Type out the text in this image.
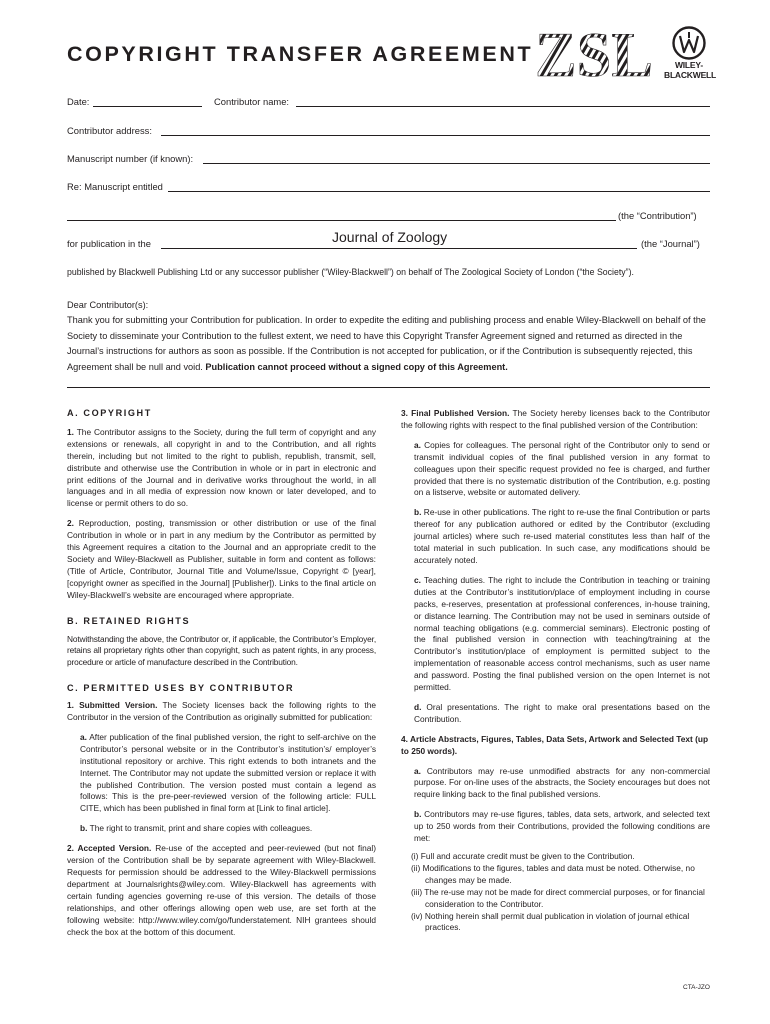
COPYRIGHT TRANSFER AGREEMENT ZSL	WILEY-
BLACKWELL
Date:	Contributor name:
Contributor address:
Manuscript number (if known):
Re: Manuscript entitled
(the “Contribution”)
for publication in the	Journal of Zoology	(the “Journal”)
published by Blackwell Publishing Ltd or any successor publisher (“Wiley-Blackwell”) on behalf of The Zoological Society of London (“the Society”).
Dear Contributor(s):
Thank you for submitting your Contribution for publication. In order to expedite the editing and publishing process and enable Wiley-Blackwell on behalf of the Society to disseminate your Contribution to the fullest extent, we need to have this Copyright Transfer Agreement signed and returned as directed in the Journal’s instructions for authors as soon as possible. If the Contribution is not accepted for publication, or if the Contribution is subsequently rejected, this Agreement shall be null and void. Publication cannot proceed without a signed copy of this Agreement.

A. COPYRIGHT

1. The Contributor assigns to the Society, during the full term of copyright and any extensions or renewals, all copyright in and to the Contribution, and all rights therein, including but not limited to the right to publish, republish, transmit, sell, distribute and otherwise use the Contribution in whole or in part in electronic and print editions of the Journal and in derivative works throughout the world, in all languages and in all media of expression now known or later developed, and to license or permit others to do so.

2. Reproduction, posting, transmission or other distribution or use of the final Contribution in whole or in part in any medium by the Contributor as permitted by this Agreement requires a citation to the Journal and an appropriate credit to the Society and Wiley-Blackwell as Publisher, suitable in form and content as follows: (Title of Article, Contributor, Journal Title and Volume/Issue, Copyright © [year], [copyright owner as specified in the Journal] [Publisher]). Links to the final article on Wiley-Blackwell’s website are encouraged where appropriate.

B. RETAINED RIGHTS

Notwithstanding the above, the Contributor or, if applicable, the Contributor’s Employer, retains all proprietary rights other than copyright, such as patent rights, in any process, procedure or article of manufacture described in the Contribution.

C. PERMITTED USES BY CONTRIBUTOR

1. Submitted Version. The Society licenses back the following rights to the Contributor in the version of the Contribution as originally submitted for publication:

a. After publication of the final published version, the right to self-archive on the Contributor’s personal website or in the Contributor’s institution’s/ employer’s institutional repository or archive. This right extends to both intranets and the Internet. The Contributor may not update the submitted version or replace it with the published Contribution. The version posted must contain a legend as follows: This is the pre-peer-reviewed version of the following article: FULL CITE, which has been published in final form at [Link to final article].

b. The right to transmit, print and share copies with colleagues.

2. Accepted Version. Re-use of the accepted and peer-reviewed (but not final) version of the Contribution shall be by separate agreement with Wiley-Blackwell. Requests for permission should be addressed to the Wiley-Blackwell permissions department at Journalsrights@wiley.com. Wiley-Blackwell has agreements with certain funding agencies governing re-use of this version. The details of those relationships, and other offerings allowing open web use, are set forth at the following website: http://www.wiley.com/go/funderstatement. NIH grantees should check the box at the bottom of this document.

3. Final Published Version. The Society hereby licenses back to the Contributor the following rights with respect to the final published version of the Contribution:

a. Copies for colleagues. The personal right of the Contributor only to send or transmit individual copies of the final published version in any format to colleagues upon their specific request provided no fee is charged, and further provided that there is no systematic distribution of the Contribution, e.g. posting on a listserve, website or automated delivery.

b. Re-use in other publications. The right to re-use the final Contribution or parts thereof for any publication authored or edited by the Contributor (excluding journal articles) where such re-used material constitutes less than half of the total material in such publication. In such case, any modifications should be accurately noted.

c. Teaching duties. The right to include the Contribution in teaching or training duties at the Contributor’s institution/place of employment including in course packs, e-reserves, presentation at professional conferences, in-house training, or distance learning. The Contribution may not be used in seminars outside of normal teaching obligations (e.g. commercial seminars). Electronic posting of the final published version in connection with teaching/training at the Contributor’s institution/place of employment is permitted subject to the implementation of reasonable access control mechanisms, such as user name and password. Posting the final published version on the open Internet is not permitted.

d. Oral presentations. The right to make oral presentations based on the Contribution.

4. Article Abstracts, Figures, Tables, Data Sets, Artwork and Selected Text (up to 250 words).

a. Contributors may re-use unmodified abstracts for any non-commercial purpose. For on-line uses of the abstracts, the Society encourages but does not require linking back to the final published versions.

b. Contributors may re-use figures, tables, data sets, artwork, and selected text up to 250 words from their Contributions, provided the following conditions are met:

(i) Full and accurate credit must be given to the Contribution.

(ii) Modifications to the figures, tables and data must be noted. Otherwise, no changes may be made.

(iii) The re-use may not be made for direct commercial purposes, or for financial consideration to the Contributor.

(iv) Nothing herein shall permit dual publication in violation of journal ethical practices.

CTA-JZO
